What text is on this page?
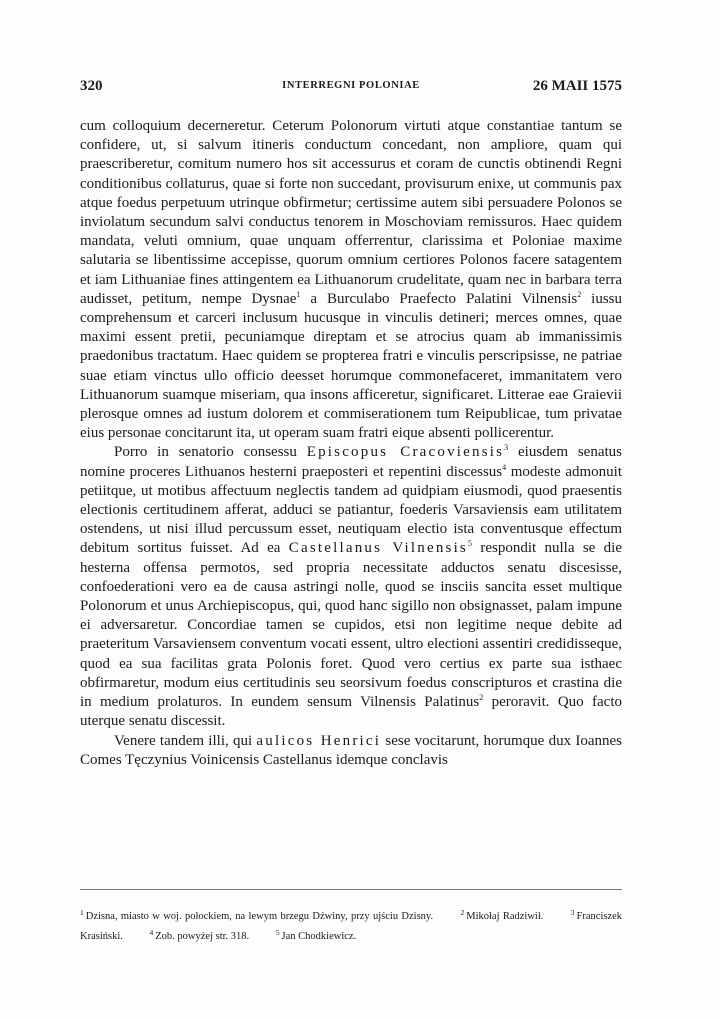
320	INTERREGNI POLONIAE	26 MAII 1575

cum colloquium decerneretur. Ceterum Polonorum virtuti atque constantiae tantum se confidere, ut, si salvum itineris conductum concedant, non ampliore, quam qui praescriberetur, comitum numero hos sit accessurus et coram de cunctis obtinendi Regni conditionibus collaturus, quae si forte non succedant, provisurum enixe, ut communis pax atque foedus perpetuum utrinque obfirmetur; certissime autem sibi persuadere Polonos se inviolatum secundum salvi conductus tenorem in Moschoviam remissuros. Haec quidem mandata, veluti omnium, quae unquam offerrentur, clarissima et Poloniae maxime salutaria se libentissime accepisse, quorum omnium certiores Polonos facere satagentem et iam Lithuaniae fines attingentem ea Lithuanorum crudelitate, quam nec in barbara terra audisset, petitum, nempe Dysnae$^1$ a Burculabo Praefecto Palatini Vilnensis$^2$ iussu comprehensum et carceri inclusum hucusque in vinculis detineri; merces omnes, quae maximi essent pretii, pecuniamque direptam et se atrocius quam ab immanissimis praedonibus tractatum. Haec quidem se propterea fratri e vinculis perscripsisse, ne patriae suae etiam vinctus ullo officio deesset horumque commonefaceret, immanitatem vero Lithuanorum suamque miseriam, qua insons afficeretur, significaret. Litterae eae Graievii plerosque omnes ad iustum dolorem et commiserationem tum Reipublicae, tum privatae eius personae concitarunt ita, ut operam suam fratri eique absenti pollicerentur.

Porro in senatorio consessu Episcopus Cracoviensis$^3$ eiusdem senatus nomine proceres Lithuanos hesterni praeposteri et repentini discessus$^4$ modeste admonuit petiitque, ut motibus affectuum neglectis tandem ad quidpiam eiusmodi, quod praesentis electionis certitudinem afferat, adduci se patiantur, foederis Varsaviensis eam utilitatem ostendens, ut nisi illud percussum esset, neutiquam electio ista conventusque effectum debitum sortitus fuisset. Ad ea Castellanus Vilnensis$^5$ respondit nulla se die hesterna offensa permotos, sed propria necessitate adductos senatu discesisse, confoederationi vero ea de causa astringi nolle, quod se insciis sancita esset multique Polonorum et unus Archiepiscopus, qui, quod hanc sigillo non obsignasset, palam impune ei adversaretur. Concordiae tamen se cupidos, etsi non legitime neque debite ad praeteritum Varsaviensem conventum vocati essent, ultro electioni assentiri credidisseque, quod ea sua facilitas grata Polonis foret. Quod vero certius ex parte sua isthaec obfirmaretur, modum eius certitudinis seu seorsivum foedus conscripturos et crastina die in medium prolaturos. In eundem sensum Vilnensis Palatinus$^2$ peroravit. Quo facto uterque senatu discessit.

Venere tandem illi, qui aulicos Henrici sese vocitarunt, horumque dux Ioannes Comes Tęczynius Voinicensis Castellanus idemque conclavis

$^1$ Dzisna, miasto w woj. połockiem, na lewym brzegu Dźwiny, przy ujściu Dzisny.	$^2$ Mikołaj Radziwił.	$^3$ Franciszek Krasiński.	$^4$ Zob. powyżej str. 318.	$^5$ Jan Chodkiewicz.
